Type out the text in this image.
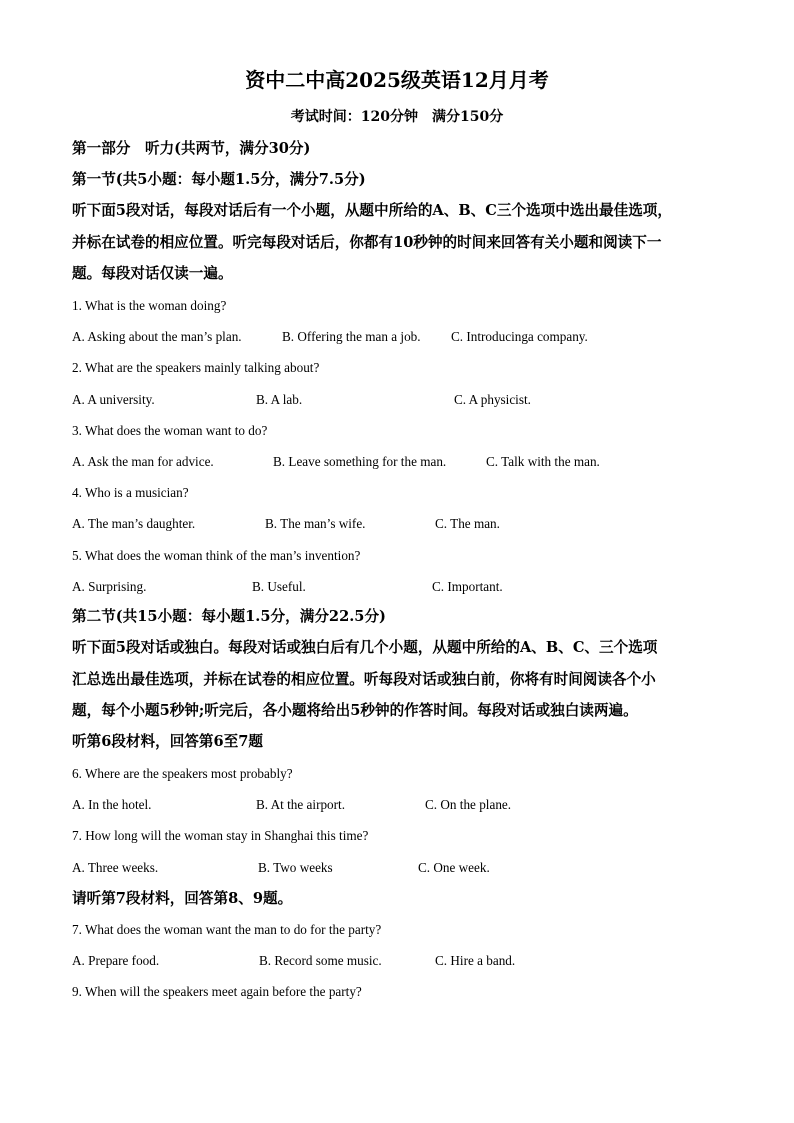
资中二中高2025级英语12月月考
考试时间：120分钟　满分150分
第一部分　听力(共两节，满分30分)
第一节(共5小题：每小题1.5分，满分7.5分)
听下面5段对话，每段对话后有一个小题，从题中所给的A、B、C三个选项中选出最佳选项，
并标在试卷的相应位置。听完每段对话后，你都有10秒钟的时间来回答有关小题和阅读下一
题。每段对话仅读一遍。
1. What is the woman doing?
A. Asking about the man’s plan.	B. Offering the man a job. C. Introducinga company.
2. What are the speakers mainly talking about?
A. A university.	B. A lab.	C. A physicist.
3. What does the woman want to do?
A. Ask the man for advice.	B. Leave something for the man.	C. Talk with the man.
4. Who is a musician?
A. The man’s daughter.	B. The man’s wife.	C. The man.
5. What does the woman think of the man’s invention?
A. Surprising.	B. Useful.	C. Important.
第二节(共15小题：每小题1.5分，满分22.5分)
听下面5段对话或独白。每段对话或独白后有几个小题，从题中所给的A、B、C、三个选项
汇总选出最佳选项，并标在试卷的相应位置。听每段对话或独白前，你将有时间阅读各个小
题，每个小题5秒钟;听完后，各小题将给出5秒钟的作答时间。每段对话或独白读两遍。
听第6段材料，回答第6至7题
6. Where are the speakers most probably?
A. In the hotel.	B. At the airport.	C. On the plane.
7. How long will the woman stay in Shanghai this time?
A. Three weeks.	B. Two weeks	C. One week.
请听第7段材料，回答第8、9题。
7. What does the woman want the man to do for the party?
A. Prepare food.	B. Record some music.	C. Hire a band.
9. When will the speakers meet again before the party?
